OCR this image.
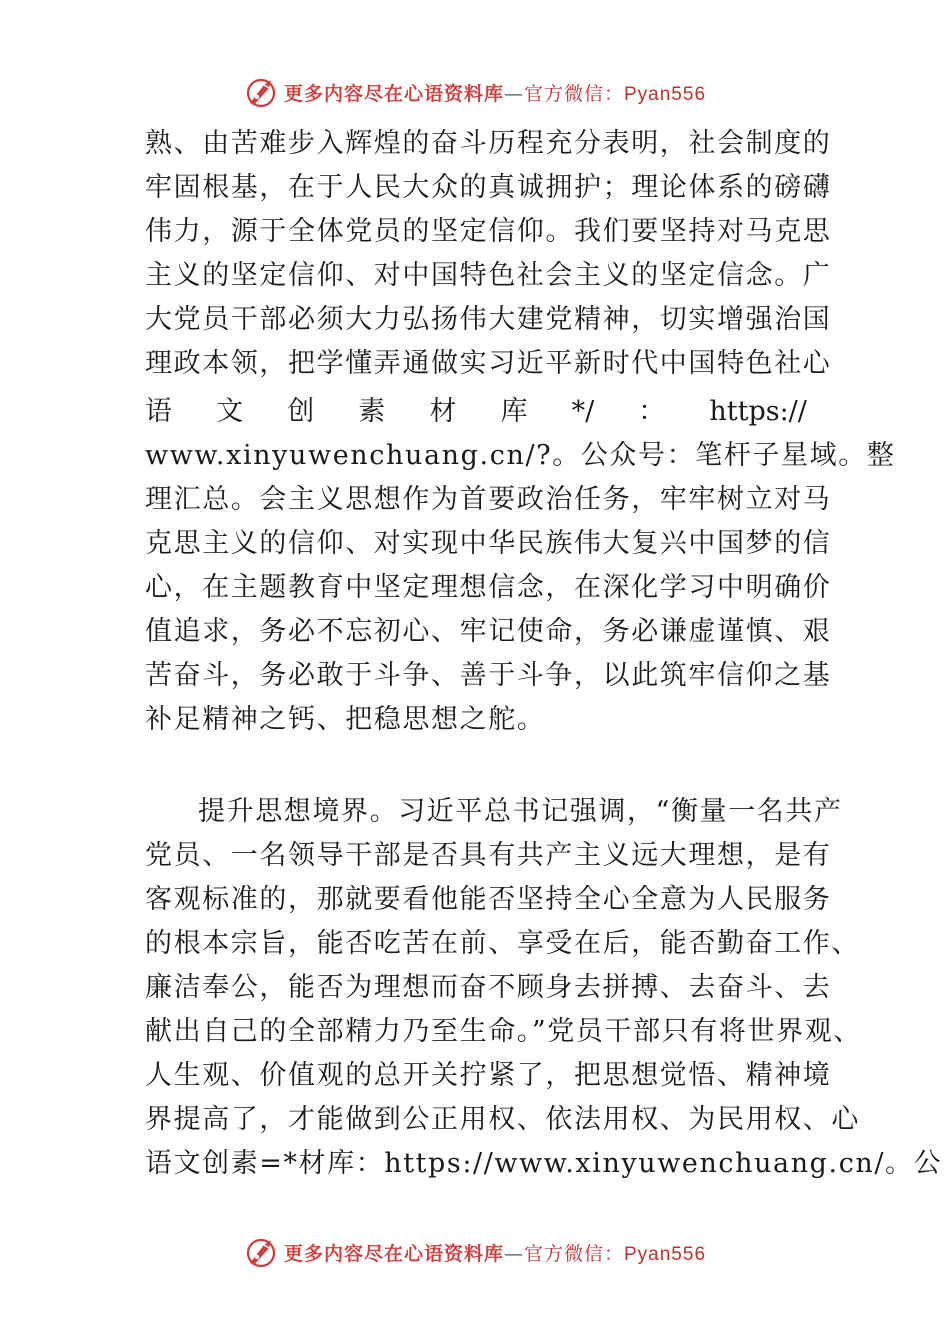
更多内容尽在心语资料库—官方微信：Pyan556
熟、由苦难步入辉煌的奋斗历程充分表明，社会制度的
牢固根基，在于人民大众的真诚拥护；理论体系的磅礴
伟力，源于全体党员的坚定信仰。我们要坚持对马克思
主义的坚定信仰、对中国特色社会主义的坚定信念。广
大党员干部必须大力弘扬伟大建党精神，切实增强治国
理政本领，把学懂弄通做实习近平新时代中国特色社心
语 文 创 素 材 库 */ ： https://
www.xinyuwenchuang.cn/?。公众号：笔杆子星域。整
理汇总。会主义思想作为首要政治任务，牢牢树立对马
克思主义的信仰、对实现中华民族伟大复兴中国梦的信
心，在主题教育中坚定理想信念，在深化学习中明确价
值追求，务必不忘初心、牢记使命，务必谦虚谨慎、艰
苦奋斗，务必敢于斗争、善于斗争，以此筑牢信仰之基
补足精神之钙、把稳思想之舵。
提升思想境界。习近平总书记强调，“衡量一名共产
党员、一名领导干部是否具有共产主义远大理想，是有
客观标准的，那就要看他能否坚持全心全意为人民服务
的根本宗旨，能否吃苦在前、享受在后，能否勤奋工作、
廉洁奉公，能否为理想而奋不顾身去拼搏、去奋斗、去
献出自己的全部精力乃至生命。”党员干部只有将世界观、
人生观、价值观的总开关拧紧了，把思想觉悟、精神境
界提高了，才能做到公正用权、依法用权、为民用权、心
语文创素=*材库：https://www.xinyuwenchuang.cn/。公
更多内容尽在心语资料库—官方微信：Pyan556
